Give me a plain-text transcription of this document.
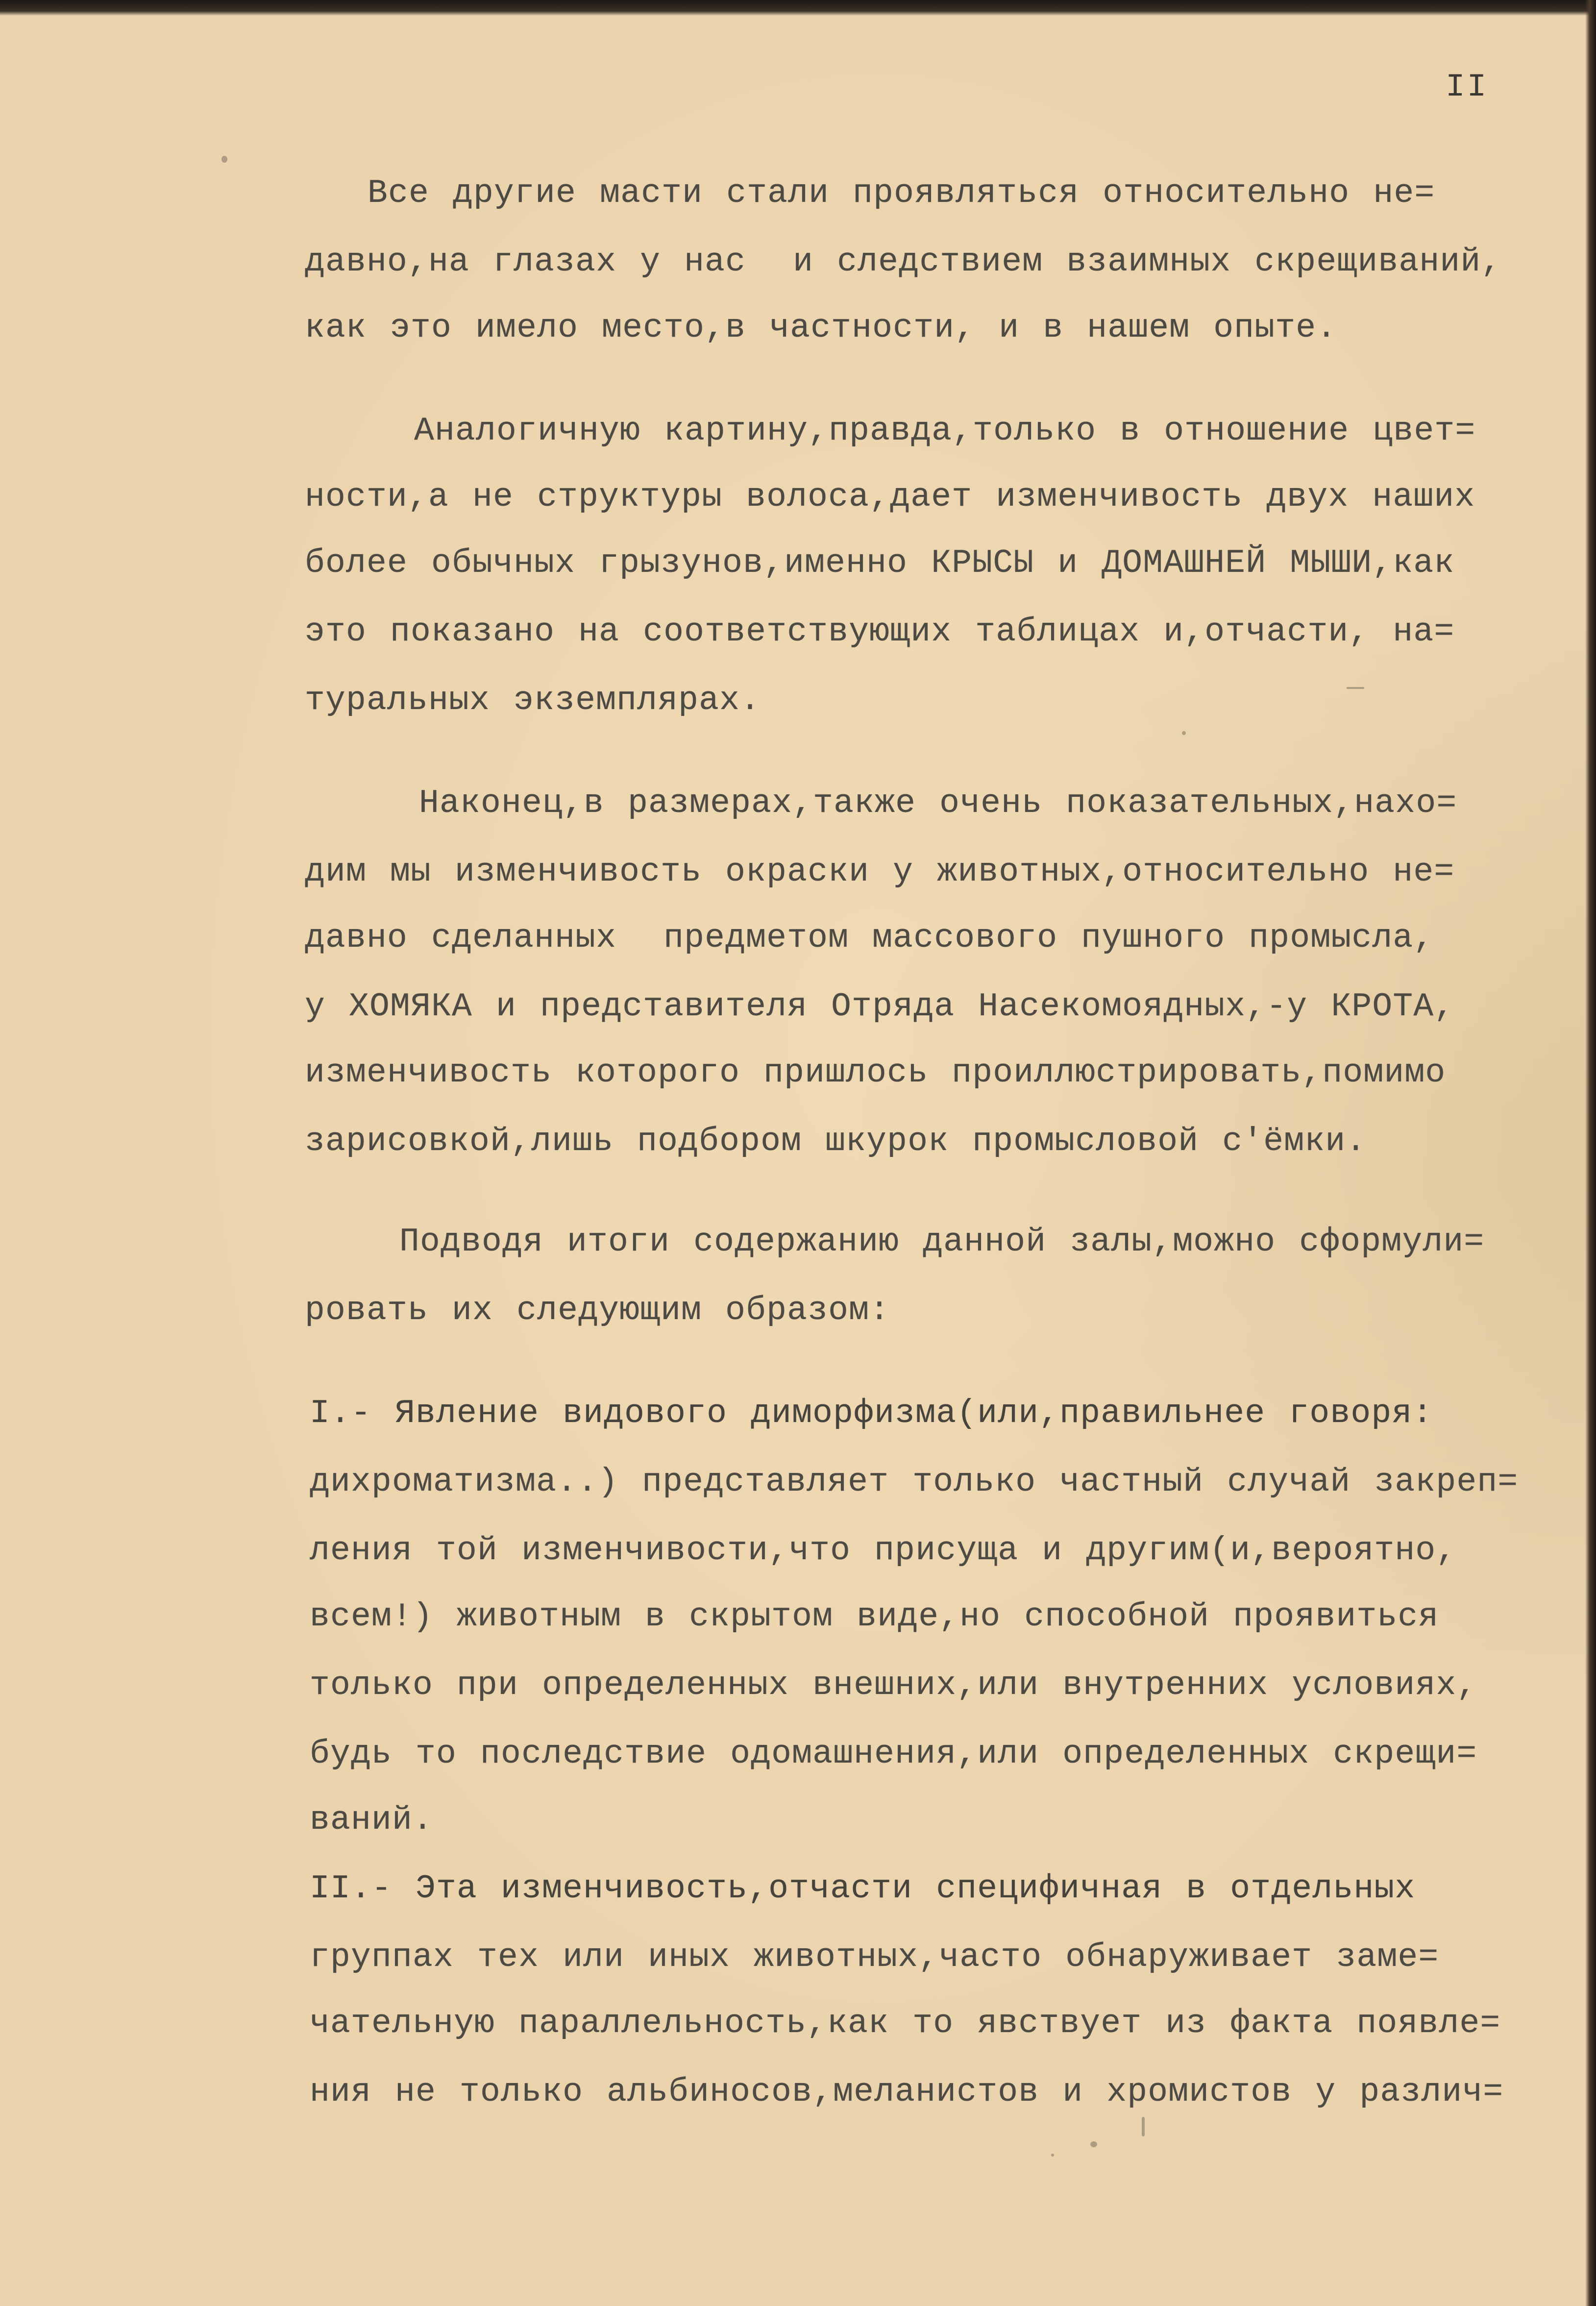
II

Все другие масти стали проявляться относительно не=

давно,на глазах у нас  и следствием взаимных скрещиваний,

как это имело место,в частности, и в нашем опыте.

Аналогичную картину,правда,только в отношение цвет=

ности,а не структуры волоса,дает изменчивость двух наших

более обычных грызунов,именно КРЫСЫ и ДОМАШНЕЙ МЫШИ,как

это показано на соответствующих таблицах и,отчасти, на=

туральных экземплярах.

Наконец,в размерах,также очень показательных,нахо=

дим мы изменчивость окраски у животных,относительно не=

давно сделанных  предметом массового пушного промысла,

у ХОМЯКА и представителя Отряда Насекомоядных,-у КРОТА,

изменчивость которого пришлось проиллюстрировать,помимо

зарисовкой,лишь подбором шкурок промысловой с'ёмки.

Подводя итоги содержанию данной залы,можно сформули=

ровать их следующим образом:

I.- Явление видового диморфизма(или,правильнее говоря:

дихроматизма..) представляет только частный случай закреп=

ления той изменчивости,что присуща и другим(и,вероятно,

всем!) животным в скрытом виде,но способной проявиться

только при определенных внешних,или внутренних условиях,

будь то последствие одомашнения,или определенных скрещи=

ваний.

II.- Эта изменчивость,отчасти специфичная в отдельных

группах тех или иных животных,часто обнаруживает заме=

чательную параллельность,как то явствует из факта появле=

ния не только альбиносов,меланистов и хромистов у различ=
